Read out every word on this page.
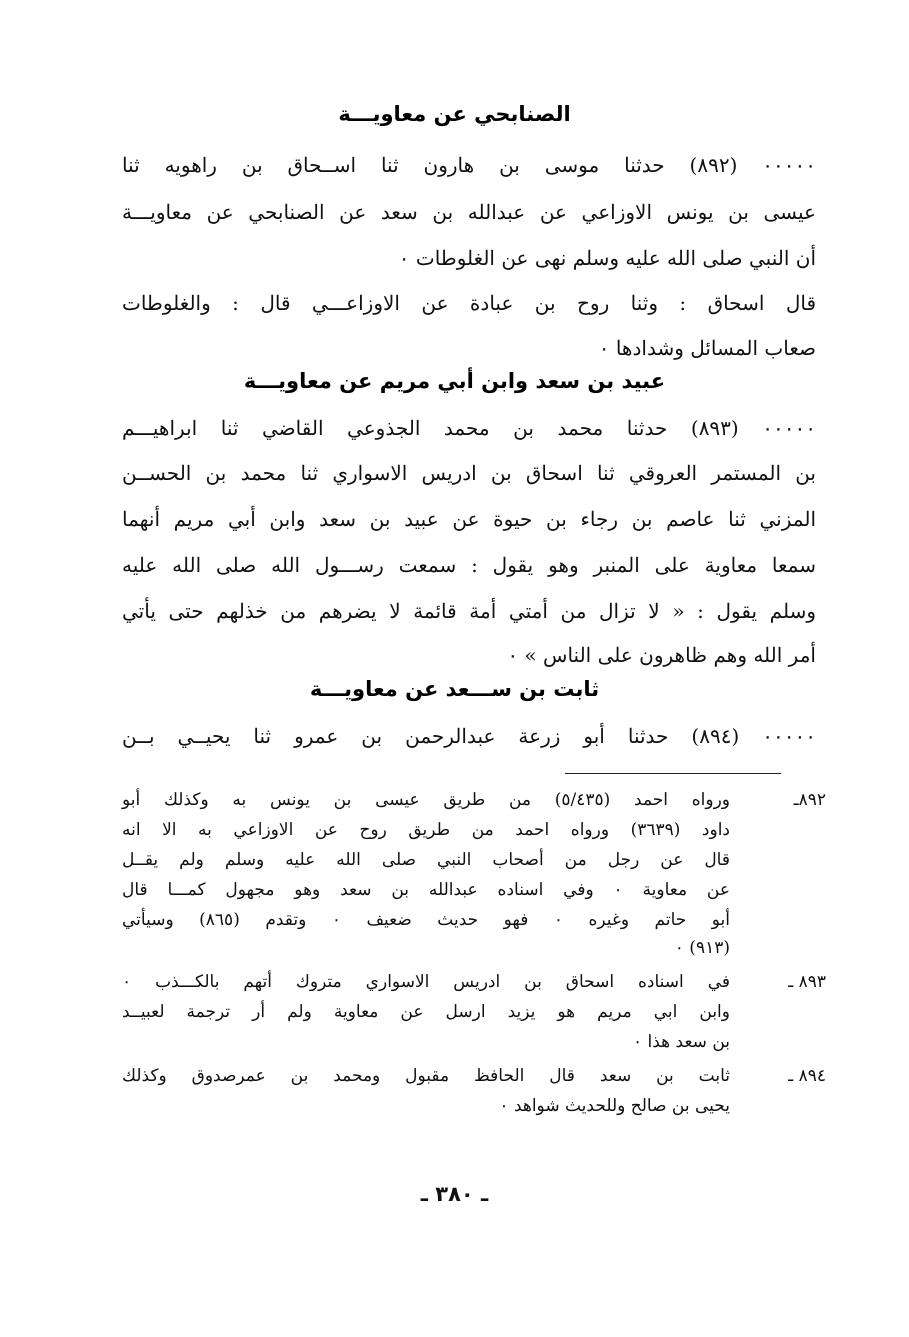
الصنابحي عن معاويـــة
٠٠٠٠٠ (٨٩٢) حدثنا موسى بن هارون ثنا اســحاق بن راهويه ثنا
عيسى بن يونس الاوزاعي عن عبدالله بن سعد عن الصنابحي عن معاويـــة
أن النبي صلى الله عليه وسلم نهى عن الغلوطات ٠
قال اسحاق : وثنا روح بن عبادة عن الاوزاعـــي قال : والغلوطات
صعاب المسائل وشدادها ٠
عبيد بن سعد وابن أبي مريم عن معاويـــة
٠٠٠٠٠ (٨٩٣) حدثنا محمد بن محمد الجذوعي القاضي ثنا ابراهيـــم
بن المستمر العروقي ثنا اسحاق بن ادريس الاسواري ثنا محمد بن الحســن
المزني ثنا عاصم بن رجاء بن حيوة عن عبيد بن سعد وابن أبي مريم أنهما
سمعا معاوية على المنبر وهو يقول : سمعت رســـول الله صلى الله عليه
وسلم يقول : « لا تزال من أمتي أمة قائمة لا يضرهم من خذلهم حتى يأتي
أمر الله وهم ظاهرون على الناس » ٠
ثابت بن ســـعد عن معاويـــة
٠٠٠٠٠ (٨٩٤) حدثنا أبو زرعة عبدالرحمن بن عمرو ثنا يحيــي بــن
٨٩٢ـ
ورواه احمد (٥/٤٣٥) من طريق عيسى بن يونس به وكذلك أبو
داود (٣٦٣٩) ورواه احمد من طريق روح عن الاوزاعي به الا انه
قال عن رجل من أصحاب النبي صلى الله عليه وسلم ولم يقــل
عن معاوية ٠ وفي اسناده عبدالله بن سعد وهو مجهول كمـــا قال
أبو حاتم وغيره ٠ فهو حديث ضعيف ٠ وتقدم (٨٦٥) وسيأتي
(٩١٣) ٠
٨٩٣ ـ
في اسناده اسحاق بن ادريس الاسواري متروك أتهم بالكـــذب ٠
وابن ابي مريم هو يزيد ارسل عن معاوية ولم أر ترجمة لعبيــد
بن سعد هذا ٠
٨٩٤ ـ
ثابت بن سعد قال الحافظ مقبول ومحمد بن عمرصدوق وكذلك
يحيى بن صالح وللحديث شواهد ٠
ـ ٣٨٠ ـ
